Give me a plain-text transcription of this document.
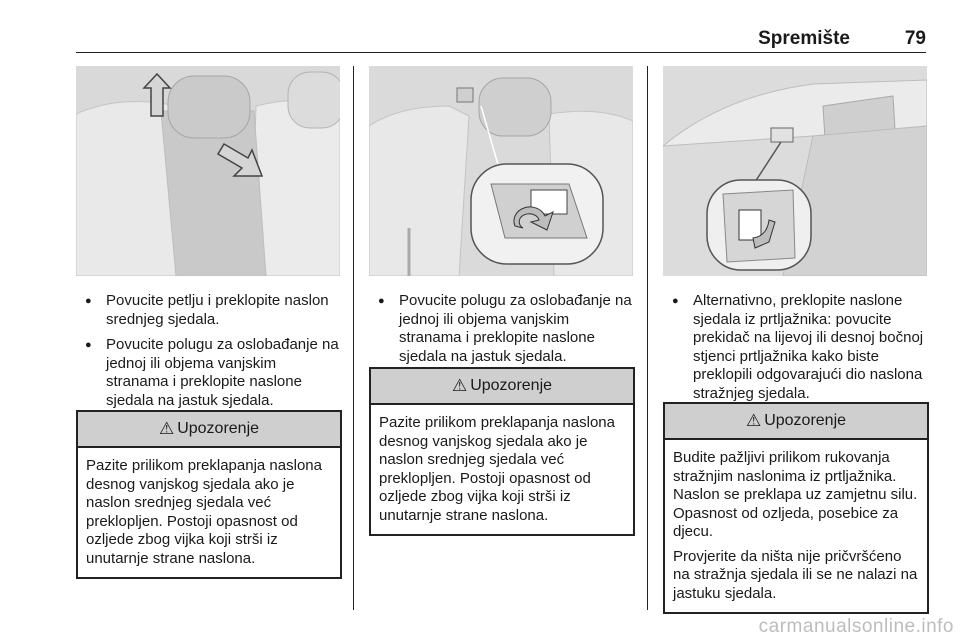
Spremište	79
● Povucite petlju i preklopite naslon srednjeg sjedala.
● Povucite polugu za oslobađanje na jednoj ili objema vanjskim stranama i preklopite naslone sjedala na jastuk sjedala.
⚠ Upozorenje

Pazite prilikom preklapanja naslona desnog vanjskog sjedala ako je naslon srednjeg sjedala već preklopljen. Postoji opasnost od ozljede zbog vijka koji strši iz unutarnje strane naslona.

● Povucite polugu za oslobađanje na jednoj ili objema vanjskim stranama i preklopite naslone sjedala na jastuk sjedala.
⚠ Upozorenje

Pazite prilikom preklapanja naslona desnog vanjskog sjedala ako je naslon srednjeg sjedala već preklopljen. Postoji opasnost od ozljede zbog vijka koji strši iz unutarnje strane naslona.

● Alternativno, preklopite naslone sjedala iz prtljažnika: povucite prekidač na lijevoj ili desnoj bočnoj stjenci prtljažnika kako biste preklopili odgovarajući dio naslona stražnjeg sjedala.
⚠ Upozorenje

Budite pažljivi prilikom rukovanja stražnjim naslonima iz prtljažnika. Naslon se preklapa uz zamjetnu silu. Opasnost od ozljeda, posebice za djecu.

Provjerite da ništa nije pričvršćeno na stražnja sjedala ili se ne nalazi na jastuku sjedala.

carmanualsonline.info
